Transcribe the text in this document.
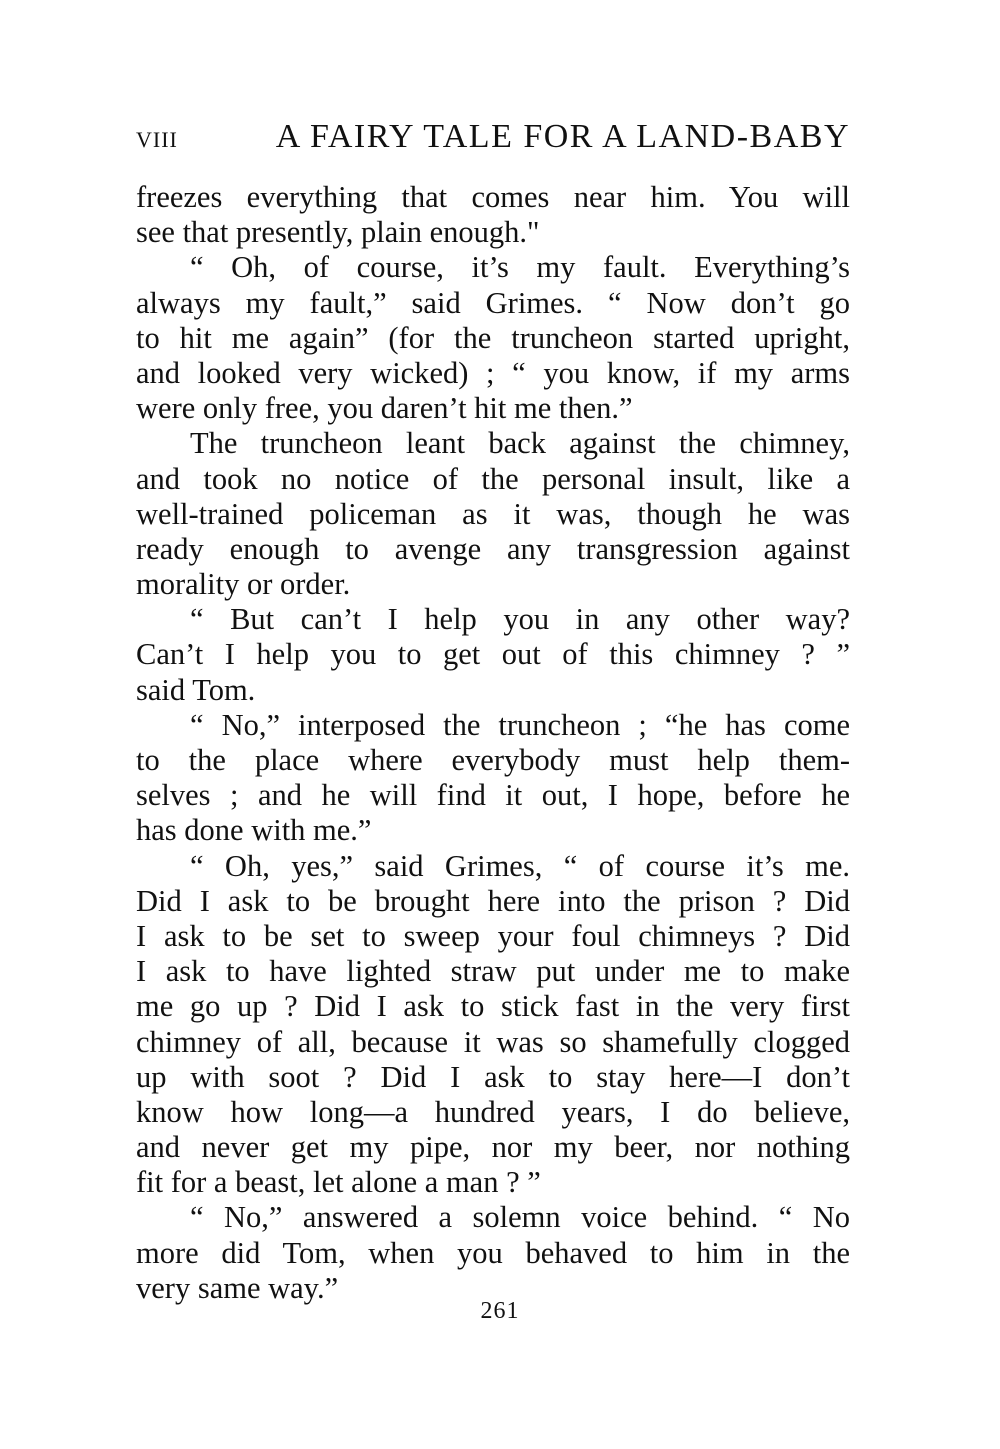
viii	A FAIRY TALE FOR A LAND-BABY
freezes everything that comes near him. You will
see that presently, plain enough."
“ Oh, of course, it’s my fault. Everything’s
always my fault,” said Grimes. “ Now don’t go
to hit me again” (for the truncheon started upright,
and looked very wicked) ; “ you know, if my arms
were only free, you daren’t hit me then.”
The truncheon leant back against the chimney,
and took no notice of the personal insult, like a
well-trained policeman as it was, though he was
ready enough to avenge any transgression against
morality or order.
“ But can’t I help you in any other way?
Can’t I help you to get out of this chimney ? ”
said Tom.
“ No,” interposed the truncheon ; “he has come
to the place where everybody must help them-
selves ; and he will find it out, I hope, before he
has done with me.”
“ Oh, yes,” said Grimes, “ of course it’s me.
Did I ask to be brought here into the prison ? Did
I ask to be set to sweep your foul chimneys ? Did
I ask to have lighted straw put under me to make
me go up ? Did I ask to stick fast in the very first
chimney of all, because it was so shamefully clogged
up with soot ? Did I ask to stay here—I don’t
know how long—a hundred years, I do believe,
and never get my pipe, nor my beer, nor nothing
fit for a beast, let alone a man ? ”
“ No,” answered a solemn voice behind. “ No
more did Tom, when you behaved to him in the
very same way.”
261
